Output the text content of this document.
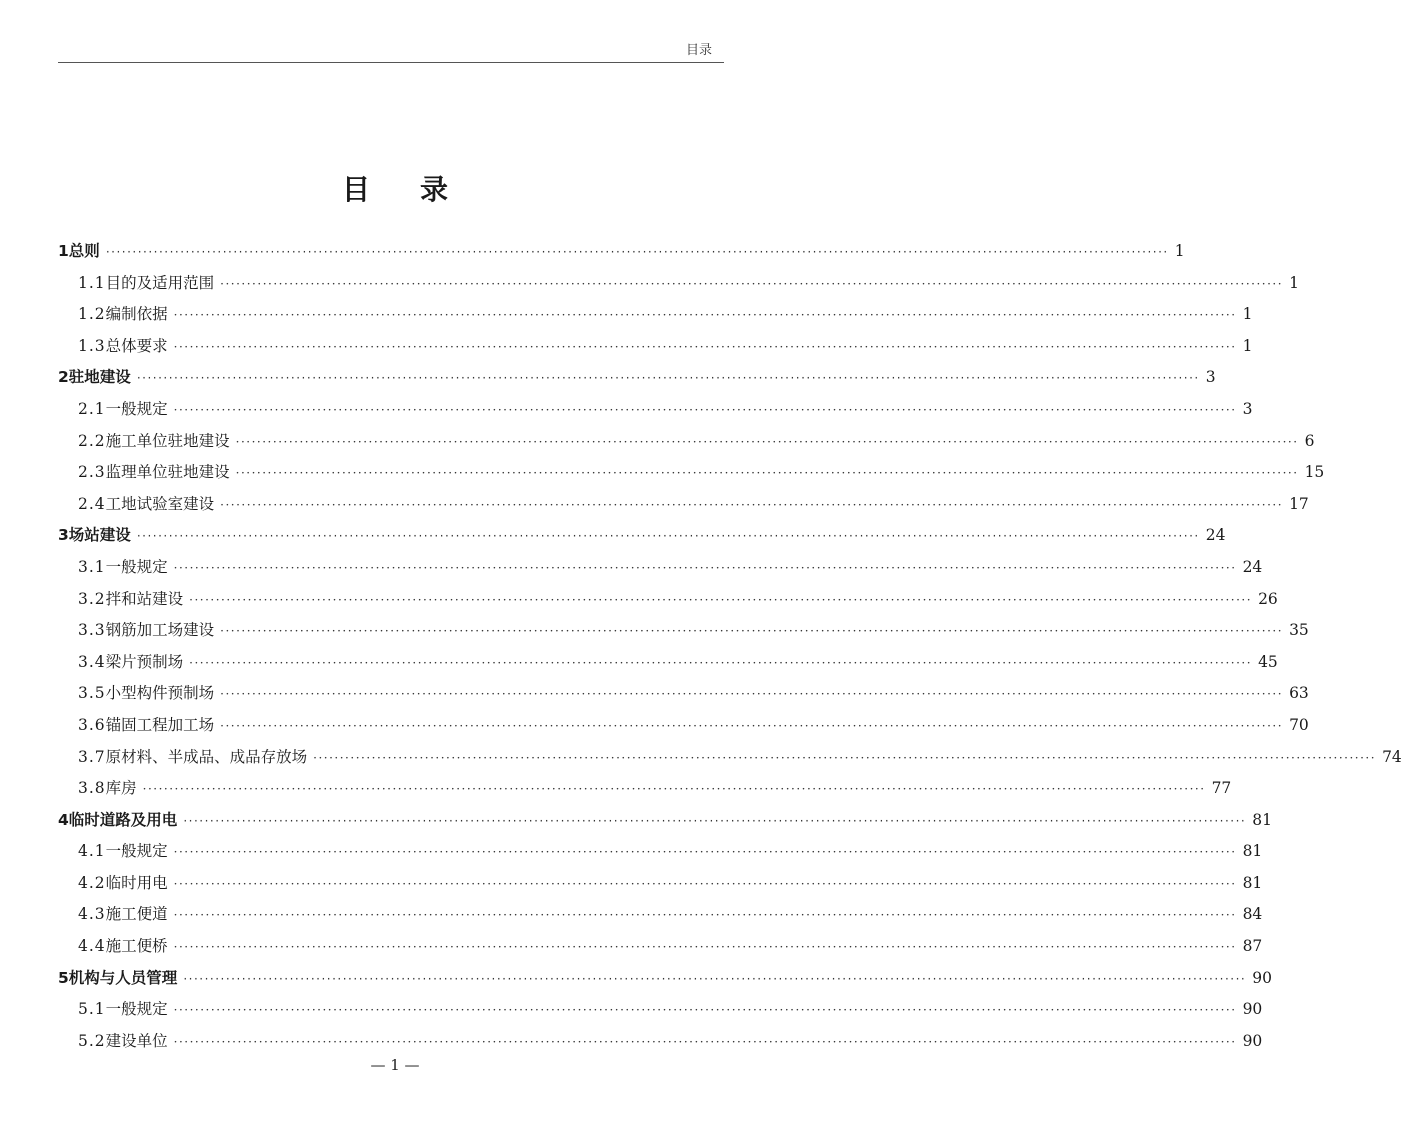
目录
目录
1 总则 ········································································································································································································ 1
1.1 目的及适用范围 ········································································································································································································ 1
1.2 编制依据 ········································································································································································································ 1
1.3 总体要求 ········································································································································································································ 1
2 驻地建设 ········································································································································································································ 3
2.1 一般规定 ········································································································································································································ 3
2.2 施工单位驻地建设 ········································································································································································································ 6
2.3 监理单位驻地建设 ········································································································································································································ 15
2.4 工地试验室建设 ········································································································································································································ 17
3 场站建设 ········································································································································································································ 24
3.1 一般规定 ········································································································································································································ 24
3.2 拌和站建设 ········································································································································································································ 26
3.3 钢筋加工场建设 ········································································································································································································ 35
3.4 梁片预制场 ········································································································································································································ 45
3.5 小型构件预制场 ········································································································································································································ 63
3.6 锚固工程加工场 ········································································································································································································ 70
3.7 原材料、半成品、成品存放场 ········································································································································································································ 74
3.8 库房 ········································································································································································································ 77
4 临时道路及用电 ········································································································································································································ 81
4.1 一般规定 ········································································································································································································ 81
4.2 临时用电 ········································································································································································································ 81
4.3 施工便道 ········································································································································································································ 84
4.4 施工便桥 ········································································································································································································ 87
5 机构与人员管理 ········································································································································································································ 90
5.1 一般规定 ········································································································································································································ 90
5.2 建设单位 ········································································································································································································ 90
— 1 —
